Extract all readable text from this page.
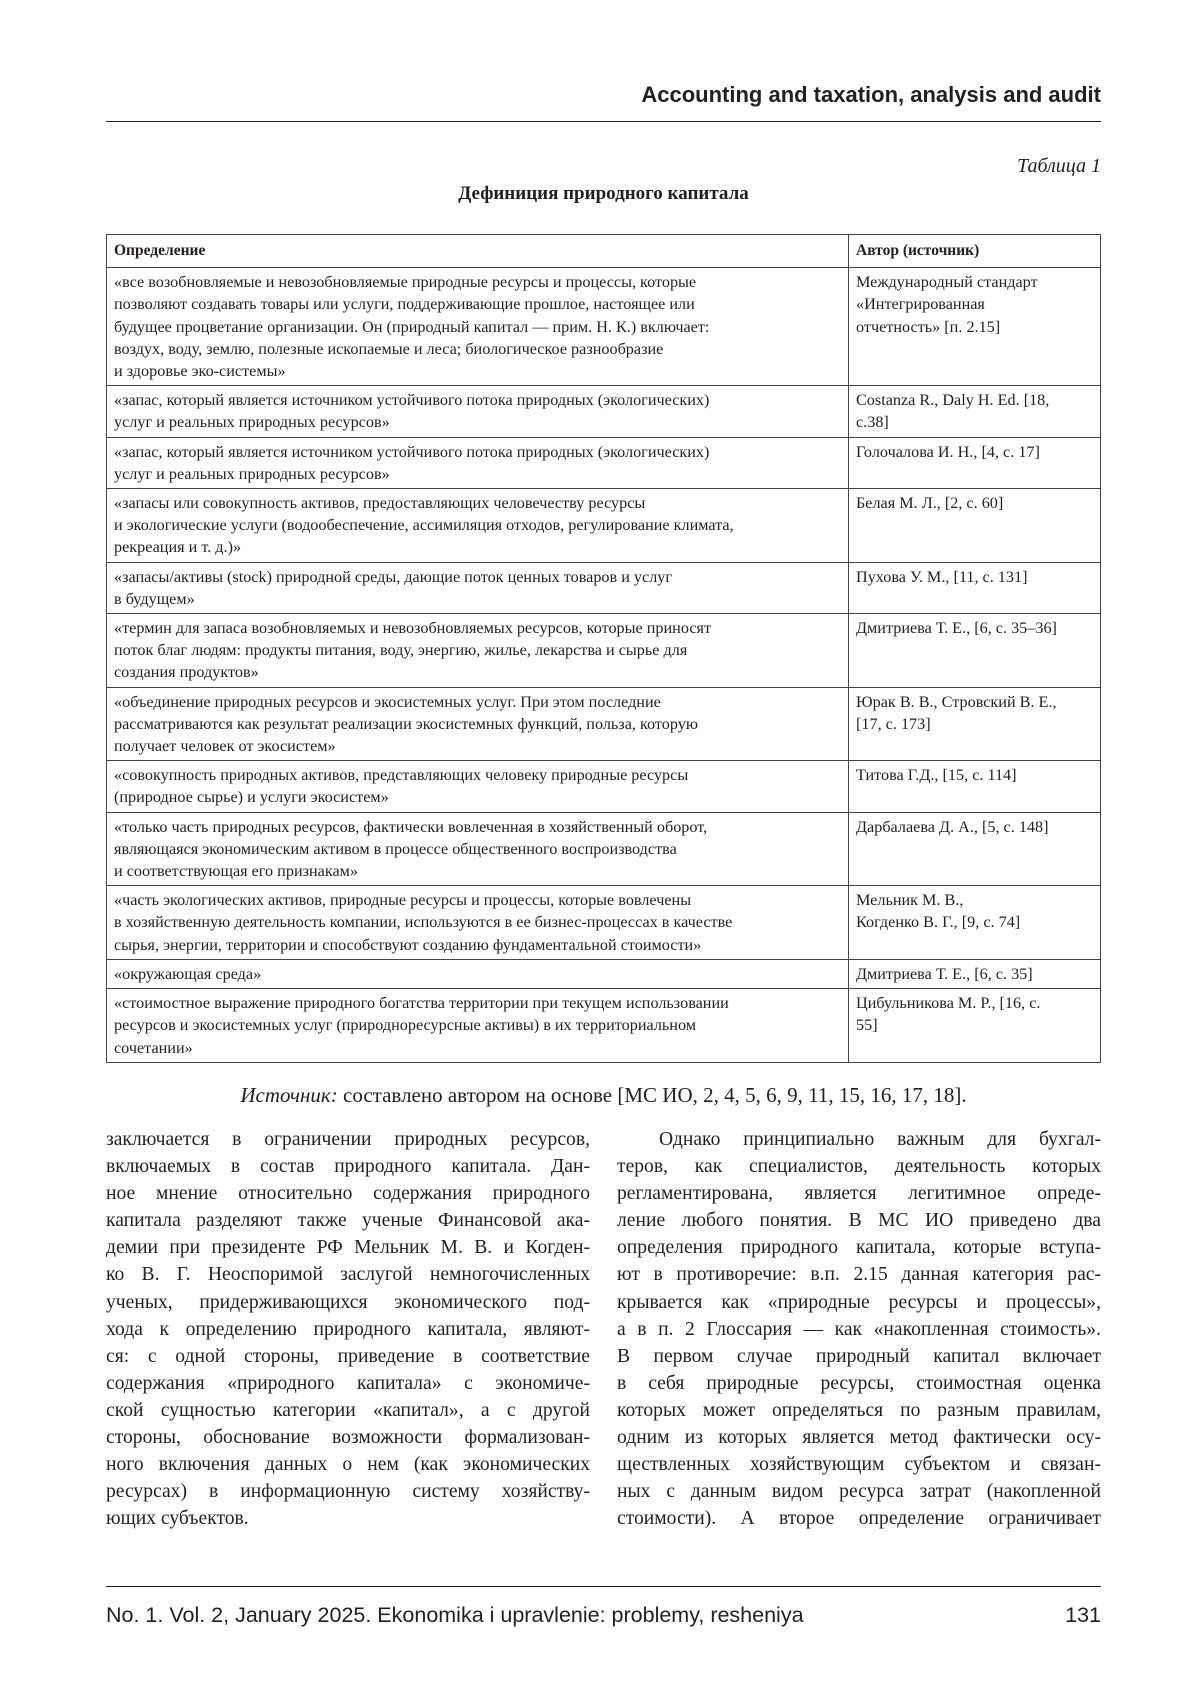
Accounting and taxation, analysis and audit
Таблица 1
Дефиниция природного капитала
Определение	Автор (источник)

«все возобновляемые и невозобновляемые природные ресурсы и процессы, которые
позволяют создавать товары или услуги, поддерживающие прошлое, настоящее или
будущее процветание организации. Он (природный капитал — прим. Н. К.) включает:
воздух, воду, землю, полезные ископаемые и леса; биологическое разнообразие
и здоровье эко-системы»

Международный стандарт
«Интегрированная
отчетность» [п. 2.15]

«запас, который является источником устойчивого потока природных (экологических)
услуг и реальных природных ресурсов»

Costanza R., Daly H. Ed. [18,
c.38]

«запас, который является источником устойчивого потока природных (экологических)
услуг и реальных природных ресурсов»

Голочалова И. Н., [4, с. 17]

«запасы или совокупность активов, предоставляющих человечеству ресурсы
и экологические услуги (водообеспечение, ассимиляция отходов, регулирование климата,
рекреация и т. д.)»

Белая М. Л., [2, с. 60]

«запасы/активы (stock) природной среды, дающие поток ценных товаров и услуг
в будущем»

Пухова У. М., [11, с. 131]

«термин для запаса возобновляемых и невозобновляемых ресурсов, которые приносят
поток благ людям: продукты питания, воду, энергию, жилье, лекарства и сырье для
создания продуктов»

Дмитриева Т. Е., [6, с. 35–36]

«объединение природных ресурсов и экосистемных услуг. При этом последние
рассматриваются как результат реализации экосистемных функций, польза, которую
получает человек от экосистем»

Юрак В. В., Стровский В. Е.,
[17, с. 173]

«совокупность природных активов, представляющих человеку природные ресурсы
(природное сырье) и услуги экосистем»

Титова Г.Д., [15, с. 114]

«только часть природных ресурсов, фактически вовлеченная в хозяйственный оборот,
являющаяся экономическим активом в процессе общественного воспроизводства
и соответствующая его признакам»

Дарбалаева Д. А., [5, с. 148]

«часть экологических активов, природные ресурсы и процессы, которые вовлечены
в хозяйственную деятельность компании, используются в ее бизнес-процессах в качестве
сырья, энергии, территории и способствуют созданию фундаментальной стоимости»

Мельник М. В.,
Когденко В. Г., [9, с. 74]

«окружающая среда»	Дмитриева Т. Е., [6, с. 35]

«стоимостное выражение природного богатства территории при текущем использовании
ресурсов и экосистемных услуг (природноресурсные активы) в их территориальном
сочетании»

Цибульникова М. Р., [16, с.
55]
Источник: составлено автором на основе [МС ИО, 2, 4, 5, 6, 9, 11, 15, 16, 17, 18].
заключается в ограничении природных ресурсов,
включаемых в состав природного капитала. Дан-
ное мнение относительно содержания природного
капитала разделяют также ученые Финансовой ака-
демии при президенте РФ Мельник М. В. и Когден-
ко В. Г. Неоспоримой заслугой немногочисленных
ученых, придерживающихся экономического под-
хода к определению природного капитала, являют-
ся: с одной стороны, приведение в соответствие
содержания «природного капитала» с экономиче-
ской сущностью категории «капитал», а с другой
стороны, обоснование возможности формализован-
ного включения данных о нем (как экономических
ресурсах) в информационную систему хозяйству-
ющих субъектов.
Однако принципиально важным для бухгал-
теров, как специалистов, деятельность которых
регламентирована, является легитимное опреде-
ление любого понятия. В МС ИО приведено два
определения природного капитала, которые вступа-
ют в противоречие: в.п. 2.15 данная категория рас-
крывается как «природные ресурсы и процессы»,
а в п. 2 Глоссария — как «накопленная стоимость».
В первом случае природный капитал включает
в себя природные ресурсы, стоимостная оценка
которых может определяться по разным правилам,
одним из которых является метод фактически осу-
ществленных хозяйствующим субъектом и связан-
ных с данным видом ресурса затрат (накопленной
стоимости). А второе определение ограничивает
No. 1. Vol. 2, January 2025. Ekonomika i upravlenie: problemy, resheniya	131
